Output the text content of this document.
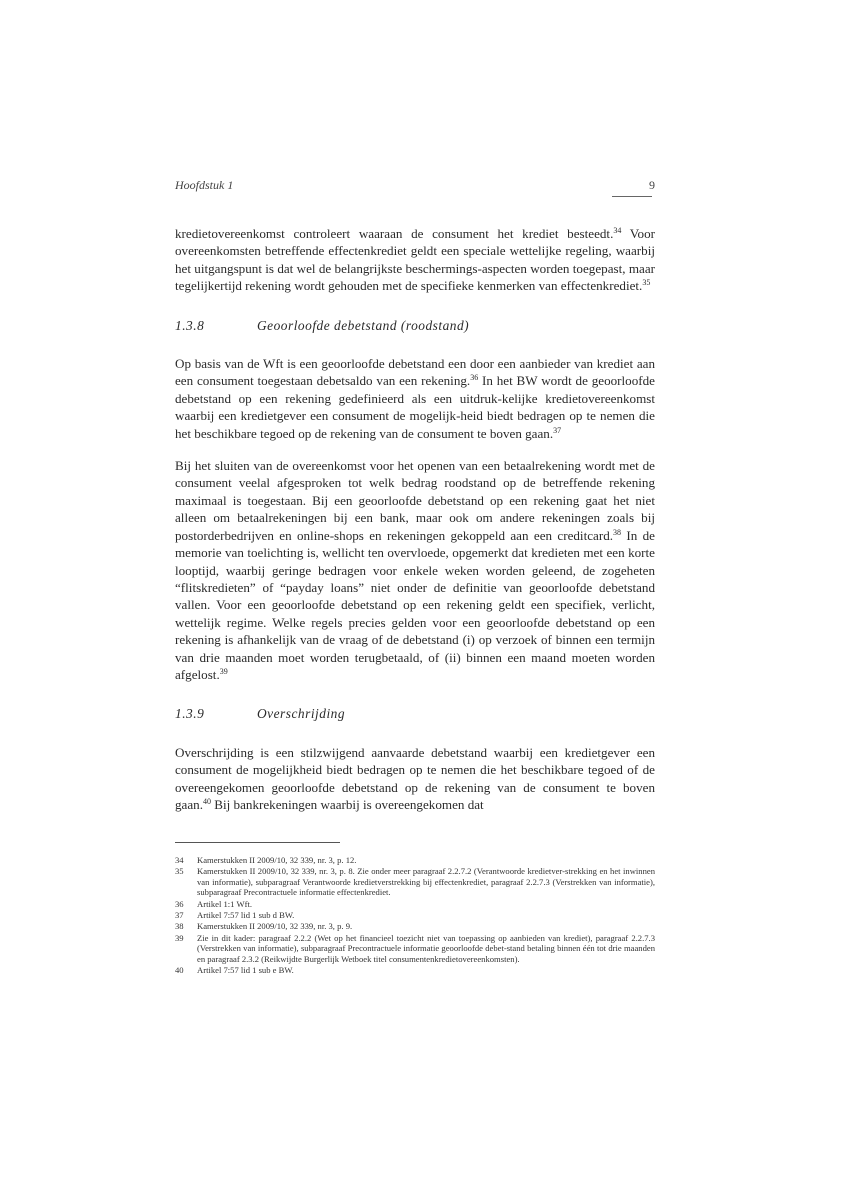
Hoofdstuk 1	9

kredietovereenkomst controleert waaraan de consument het krediet besteedt.$^{34}$ Voor overeenkomsten betreffende effectenkrediet geldt een speciale wettelijke regeling, waarbij het uitgangspunt is dat wel de belangrijkste beschermings-aspecten worden toegepast, maar tegelijkertijd rekening wordt gehouden met de specifieke kenmerken van effectenkrediet.$^{35}$

1.3.8	Geoorloofde debetstand (roodstand)

Op basis van de Wft is een geoorloofde debetstand een door een aanbieder van krediet aan een consument toegestaan debetsaldo van een rekening.$^{36}$ In het BW wordt de geoorloofde debetstand op een rekening gedefinieerd als een uitdruk-kelijke kredietovereenkomst waarbij een kredietgever een consument de mogelijk-heid biedt bedragen op te nemen die het beschikbare tegoed op de rekening van de consument te boven gaan.$^{37}$

Bij het sluiten van de overeenkomst voor het openen van een betaalrekening wordt met de consument veelal afgesproken tot welk bedrag roodstand op de betreffende rekening maximaal is toegestaan. Bij een geoorloofde debetstand op een rekening gaat het niet alleen om betaalrekeningen bij een bank, maar ook om andere rekeningen zoals bij postorderbedrijven en online-shops en rekeningen gekoppeld aan een creditcard.$^{38}$ In de memorie van toelichting is, wellicht ten overvloede, opgemerkt dat kredieten met een korte looptijd, waarbij geringe bedragen voor enkele weken worden geleend, de zogeheten “flitskredieten” of “payday loans” niet onder de definitie van geoorloofde debetstand vallen. Voor een geoorloofde debetstand op een rekening geldt een specifiek, verlicht, wettelijk regime. Welke regels precies gelden voor een geoorloofde debetstand op een rekening is afhankelijk van de vraag of de debetstand (i) op verzoek of binnen een termijn van drie maanden moet worden terugbetaald, of (ii) binnen een maand moeten worden afgelost.$^{39}$

1.3.9	Overschrijding

Overschrijding is een stilzwijgend aanvaarde debetstand waarbij een kredietgever een consument de mogelijkheid biedt bedragen op te nemen die het beschikbare tegoed of de overeengekomen geoorloofde debetstand op de rekening van de consument te boven gaan.$^{40}$ Bij bankrekeningen waarbij is overeengekomen dat

34	Kamerstukken II 2009/10, 32 339, nr. 3, p. 12.
35	Kamerstukken II 2009/10, 32 339, nr. 3, p. 8. Zie onder meer paragraaf 2.2.7.2 (Verantwoorde kredietver-strekking en het inwinnen van informatie), subparagraaf Verantwoorde kredietverstrekking bij effectenkrediet, paragraaf 2.2.7.3 (Verstrekken van informatie), subparagraaf Precontractuele informatie effectenkrediet.
36	Artikel 1:1 Wft.
37	Artikel 7:57 lid 1 sub d BW.
38	Kamerstukken II 2009/10, 32 339, nr. 3, p. 9.
39	Zie in dit kader: paragraaf 2.2.2 (Wet op het financieel toezicht niet van toepassing op aanbieden van krediet), paragraaf 2.2.7.3 (Verstrekken van informatie), subparagraaf Precontractuele informatie geoorloofde debet-stand betaling binnen één tot drie maanden en paragraaf 2.3.2 (Reikwijdte Burgerlijk Wetboek titel consumentenkredietovereenkomsten).
40	Artikel 7:57 lid 1 sub e BW.
